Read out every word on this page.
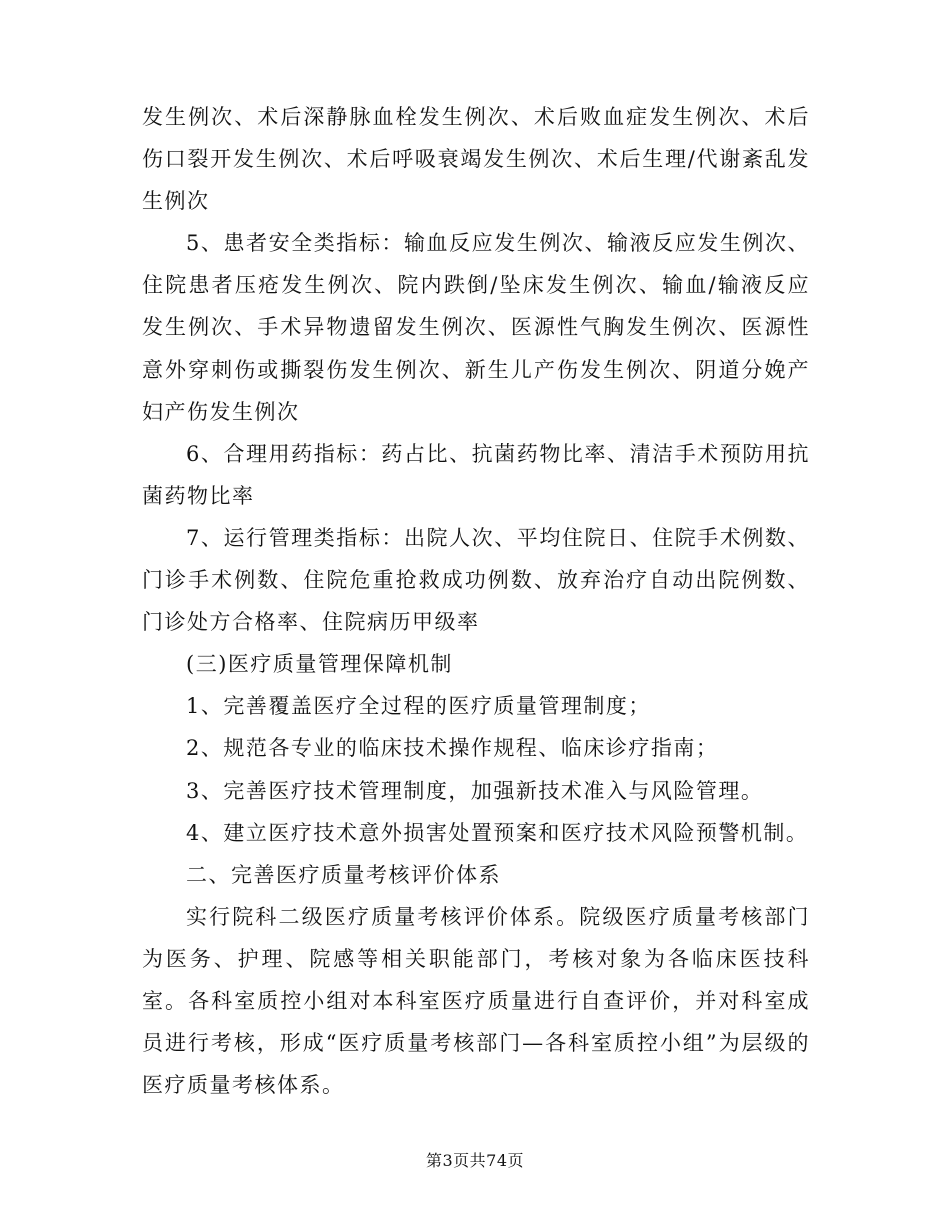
发生例次、术后深静脉血栓发生例次、术后败血症发生例次、术后伤口裂开发生例次、术后呼吸衰竭发生例次、术后生理/代谢紊乱发生例次

5、患者安全类指标：输血反应发生例次、输液反应发生例次、住院患者压疮发生例次、院内跌倒/坠床发生例次、输血/输液反应发生例次、手术异物遗留发生例次、医源性气胸发生例次、医源性意外穿刺伤或撕裂伤发生例次、新生儿产伤发生例次、阴道分娩产妇产伤发生例次

6、合理用药指标：药占比、抗菌药物比率、清洁手术预防用抗菌药物比率

7、运行管理类指标：出院人次、平均住院日、住院手术例数、门诊手术例数、住院危重抢救成功例数、放弃治疗自动出院例数、门诊处方合格率、住院病历甲级率

(三)医疗质量管理保障机制

1、完善覆盖医疗全过程的医疗质量管理制度；

2、规范各专业的临床技术操作规程、临床诊疗指南；

3、完善医疗技术管理制度，加强新技术准入与风险管理。

4、建立医疗技术意外损害处置预案和医疗技术风险预警机制。

二、完善医疗质量考核评价体系

实行院科二级医疗质量考核评价体系。院级医疗质量考核部门为医务、护理、院感等相关职能部门，考核对象为各临床医技科室。各科室质控小组对本科室医疗质量进行自查评价，并对科室成员进行考核，形成“医疗质量考核部门—各科室质控小组”为层级的医疗质量考核体系。

第3页共74页
